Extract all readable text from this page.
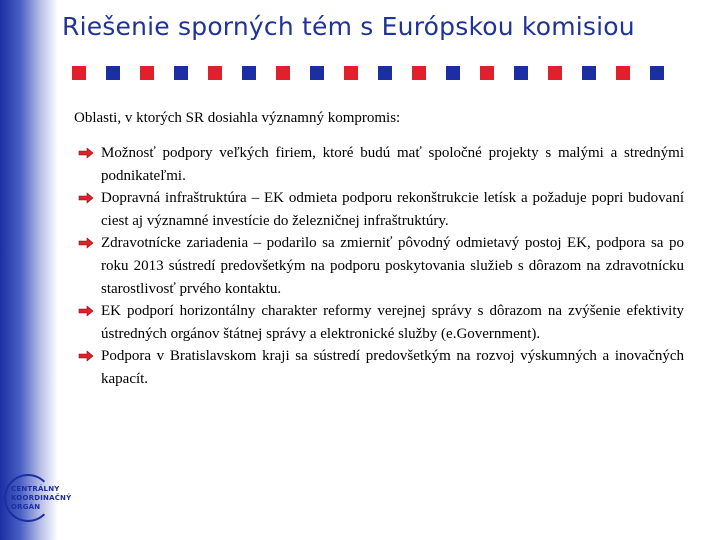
Riešenie sporných tém s Európskou komisiou
Oblasti, v ktorých SR dosiahla významný kompromis:
Možnosť podpory veľkých firiem, ktoré budú mať spoločné projekty s malými a strednými podnikateľmi.
Dopravná infraštruktúra – EK odmieta podporu rekonštrukcie letísk a požaduje popri budovaní ciest aj významné investície do železničnej infraštruktúry.
Zdravotnícke zariadenia – podarilo sa zmierniť pôvodný odmietavý postoj EK, podpora sa po roku 2013 sústredí predovšetkým na podporu poskytovania služieb s dôrazom na zdravotnícku starostlivosť prvého kontaktu.
EK podporí horizontálny charakter reformy verejnej správy s dôrazom na zvýšenie efektivity ústredných orgánov štátnej správy a elektronické služby (e.Government).
Podpora v Bratislavskom kraji sa sústredí predovšetkým na rozvoj výskumných a inovačných kapacít.
CENTRÁLNY
KOORDINAČNÝ
ORGÁN
